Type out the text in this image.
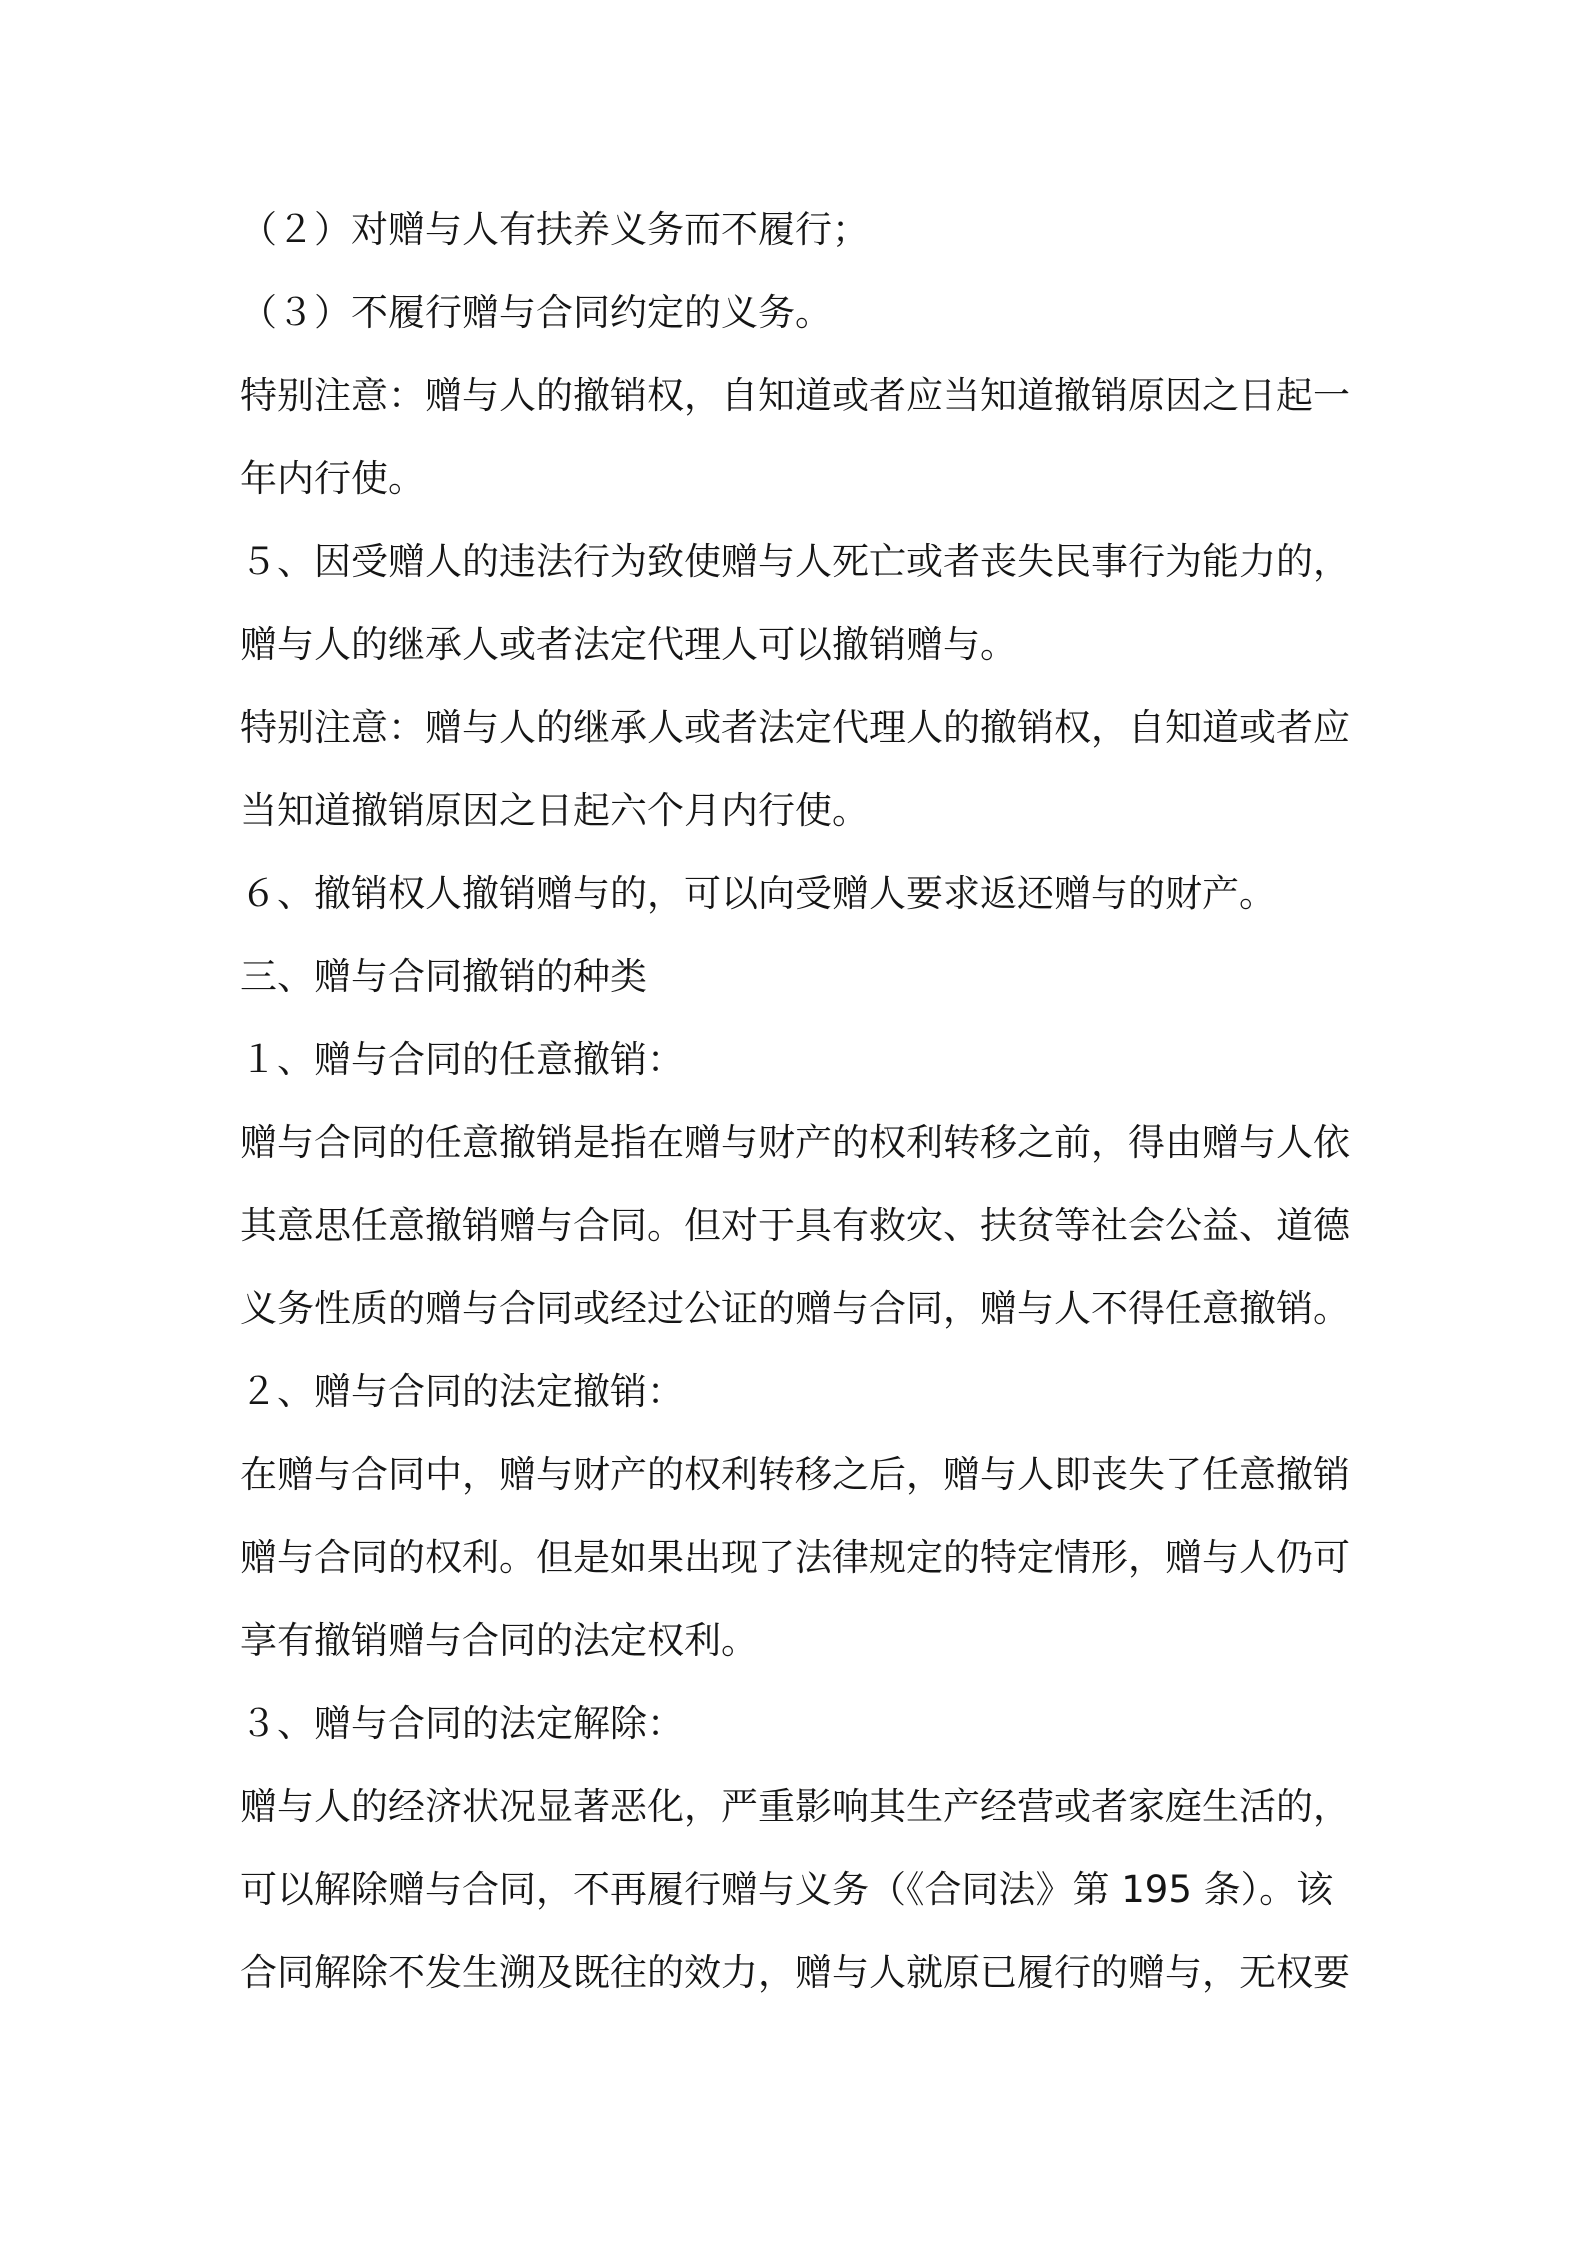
（２）对赠与人有扶养义务而不履行；
（３）不履行赠与合同约定的义务。
特别注意：赠与人的撤销权，自知道或者应当知道撤销原因之日起一
年内行使。
５、因受赠人的违法行为致使赠与人死亡或者丧失民事行为能力的，
赠与人的继承人或者法定代理人可以撤销赠与。
特别注意：赠与人的继承人或者法定代理人的撤销权，自知道或者应
当知道撤销原因之日起六个月内行使。
６、撤销权人撤销赠与的，可以向受赠人要求返还赠与的财产。
三、赠与合同撤销的种类
１、赠与合同的任意撤销：
赠与合同的任意撤销是指在赠与财产的权利转移之前，得由赠与人依
其意思任意撤销赠与合同。但对于具有救灾、扶贫等社会公益、道德
义务性质的赠与合同或经过公证的赠与合同，赠与人不得任意撤销。
２、赠与合同的法定撤销：
在赠与合同中，赠与财产的权利转移之后，赠与人即丧失了任意撤销
赠与合同的权利。但是如果出现了法律规定的特定情形，赠与人仍可
享有撤销赠与合同的法定权利。
３、赠与合同的法定解除：
赠与人的经济状况显著恶化，严重影响其生产经营或者家庭生活的，
可以解除赠与合同，不再履行赠与义务（《合同法》第 195 条）。该
合同解除不发生溯及既往的效力，赠与人就原已履行的赠与，无权要
